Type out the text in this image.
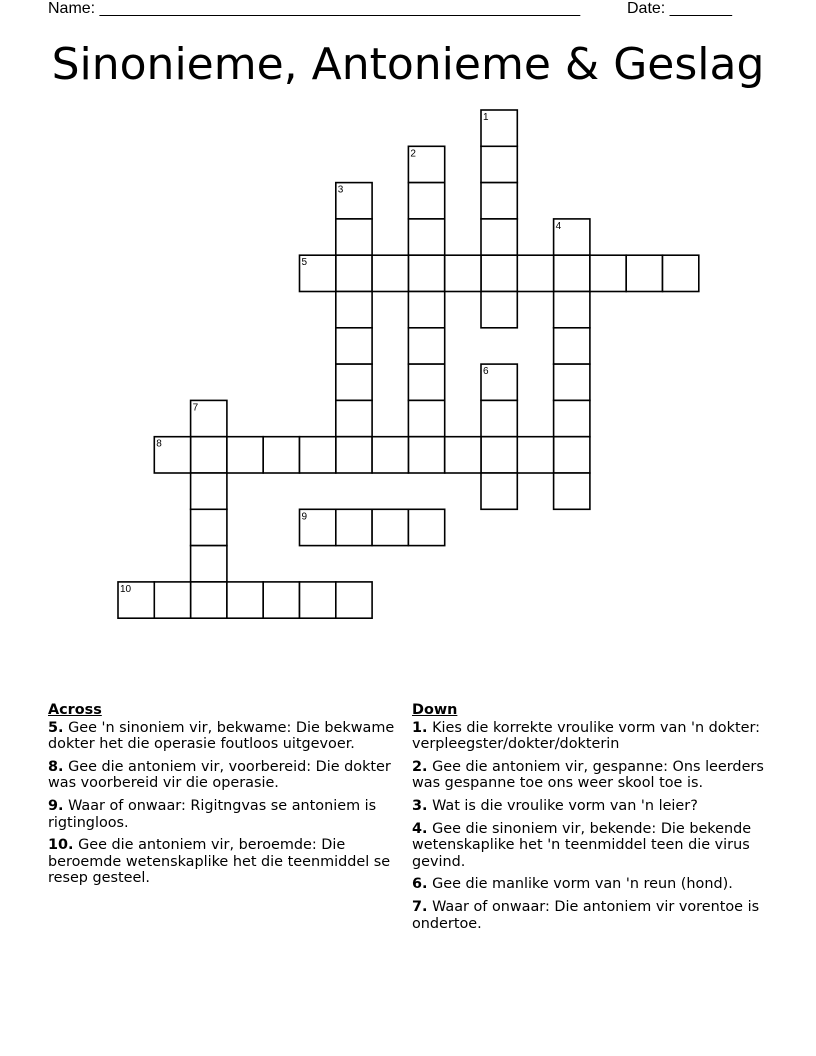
Name: ______________________________________________________	Date: _______
Sinonieme, Antonieme & Geslag
1
2
3
4
5
6
7
8
9
10
Across
5. Gee 'n sinoniem vir, bekwame: Die bekwame dokter het die operasie foutloos uitgevoer.
8. Gee die antoniem vir, voorbereid: Die dokter was voorbereid vir die operasie.
9. Waar of onwaar: Rigitngvas se antoniem is rigtingloos.
10. Gee die antoniem vir, beroemde: Die beroemde wetenskaplike het die teenmiddel se resep gesteel.
Down
1. Kies die korrekte vroulike vorm van 'n dokter: verpleegster/dokter/dokterin
2. Gee die antoniem vir, gespanne: Ons leerders was gespanne toe ons weer skool toe is.
3. Wat is die vroulike vorm van 'n leier?
4. Gee die sinoniem vir, bekende: Die bekende wetenskaplike het 'n teenmiddel teen die virus gevind.
6. Gee die manlike vorm van 'n reun (hond).
7. Waar of onwaar: Die antoniem vir vorentoe is ondertoe.
